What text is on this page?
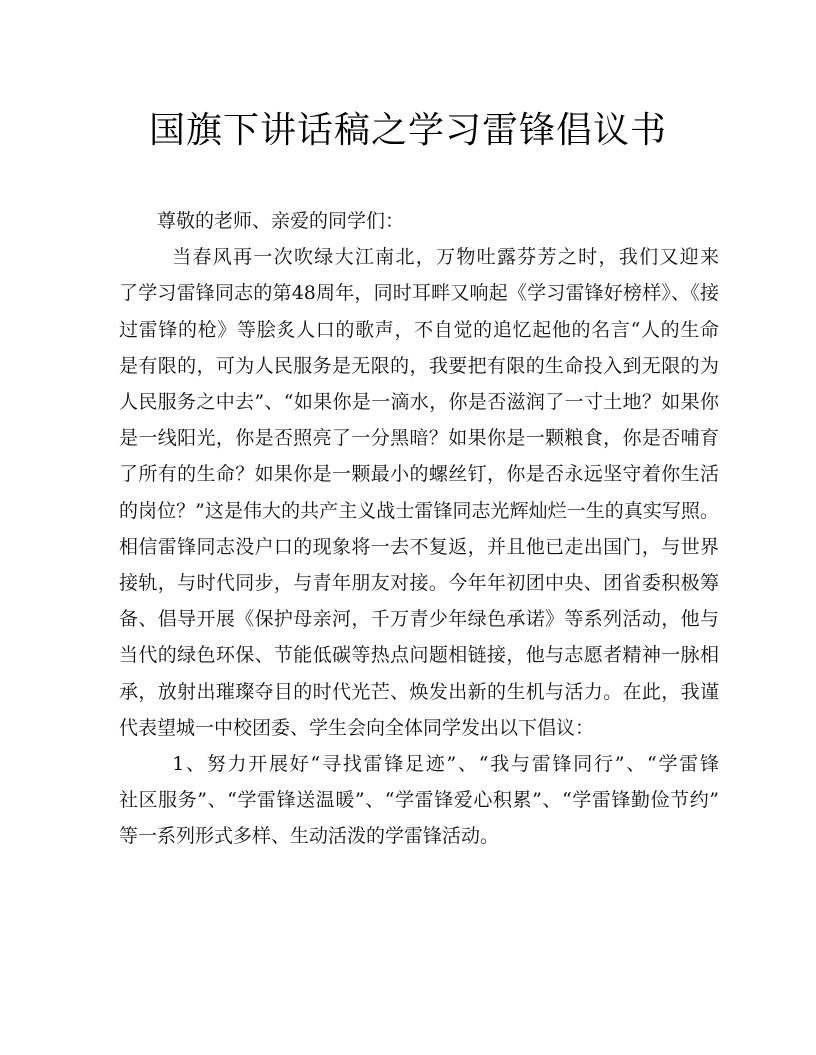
国旗下讲话稿之学习雷锋倡议书

尊敬的老师、亲爱的同学们：

当春风再一次吹绿大江南北，万物吐露芬芳之时，我们又迎来
了学习雷锋同志的第48周年，同时耳畔又响起《学习雷锋好榜样》、《接
过雷锋的枪》等脍炙人口的歌声，不自觉的追忆起他的名言“人的生命
是有限的，可为人民服务是无限的，我要把有限的生命投入到无限的为
人民服务之中去”、“如果你是一滴水，你是否滋润了一寸土地？如果你
是一线阳光，你是否照亮了一分黑暗？如果你是一颗粮食，你是否哺育
了所有的生命？如果你是一颗最小的螺丝钉，你是否永远坚守着你生活
的岗位？”这是伟大的共产主义战士雷锋同志光辉灿烂一生的真实写照。
相信雷锋同志没户口的现象将一去不复返，并且他已走出国门，与世界
接轨，与时代同步，与青年朋友对接。今年年初团中央、团省委积极筹
备、倡导开展《保护母亲河，千万青少年绿色承诺》等系列活动，他与
当代的绿色环保、节能低碳等热点问题相链接，他与志愿者精神一脉相
承，放射出璀璨夺目的时代光芒、焕发出新的生机与活力。在此，我谨
代表望城一中校团委、学生会向全体同学发出以下倡议：

1、努力开展好“寻找雷锋足迹”、“我与雷锋同行”、“学雷锋
社区服务”、“学雷锋送温暖”、“学雷锋爱心积累”、“学雷锋勤俭节约”
等一系列形式多样、生动活泼的学雷锋活动。
